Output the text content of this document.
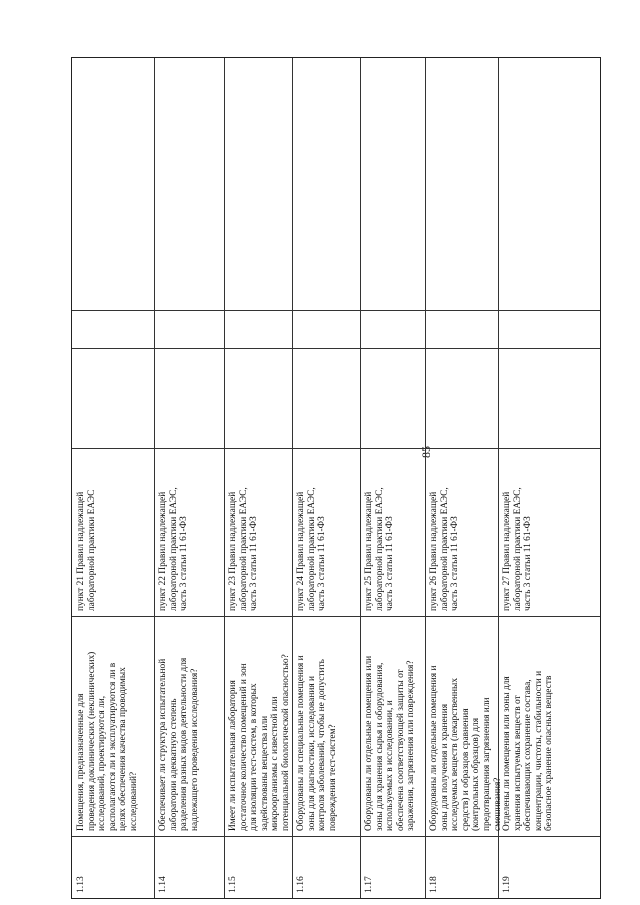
85
1.13
Помещения, предназначенные для
проведения доклинических (неклинических)
исследований, проектируются ли,
располагаются ли и эксплуатируются ли в
целях обеспечения качества проводимых
исследований?
пункт 21 Правил надлежащей
лабораторной практики ЕАЭС
1.14
Обеспечивает ли структура испытательной
лаборатории адекватную степень
разделения разных видов деятельности для
надлежащего проведения исследования?
пункт 22 Правил надлежащей
лабораторной практики ЕАЭС,
часть 3 статьи 11 61-ФЗ
1.15
Имеет ли испытательная лаборатория
достаточное количество помещений и зон
для изоляции тест-систем, в которых
задействованы вещества или
микроорганизмы с известной или
потенциальной биологической опасностью?
пункт 23 Правил надлежащей
лабораторной практики ЕАЭС,
часть 3 статьи 11 61-ФЗ
1.16
Оборудованы ли специальные помещения и
зоны для диагностики, исследования и
контроля заболеваний, чтобы не допустить
повреждения тест-систем?
пункт 24 Правил надлежащей
лабораторной практики ЕАЭС,
часть 3 статьи 11 61-ФЗ
1.17
Оборудованы ли отдельные помещения или
зоны для хранения сырья и оборудования,
используемых в исследовании, и
обеспечена соответствующей защиты от
заражения, загрязнения или повреждения?
пункт 25 Правил надлежащей
лабораторной практики ЕАЭС,
часть 3 статьи 11 61-ФЗ
1.18
Оборудованы ли отдельные помещения и
зоны для получения и хранения
исследуемых веществ (лекарственных
средств) и образцов сравнения
(контрольных образцов) для
предотвращения загрязнения или
смешивания?
пункт 26 Правил надлежащей
лабораторной практики ЕАЭС,
часть 3 статьи 11 61-ФЗ
1.19
Отделены ли помещения или зоны для
хранения испытуемых веществ от
обеспечивающих сохранение состава,
концентрации, чистоты, стабильности и
безопасное хранение опасных веществ
пункт 27 Правил надлежащей
лабораторной практики ЕАЭС,
часть 3 статьи 11 61-ФЗ
